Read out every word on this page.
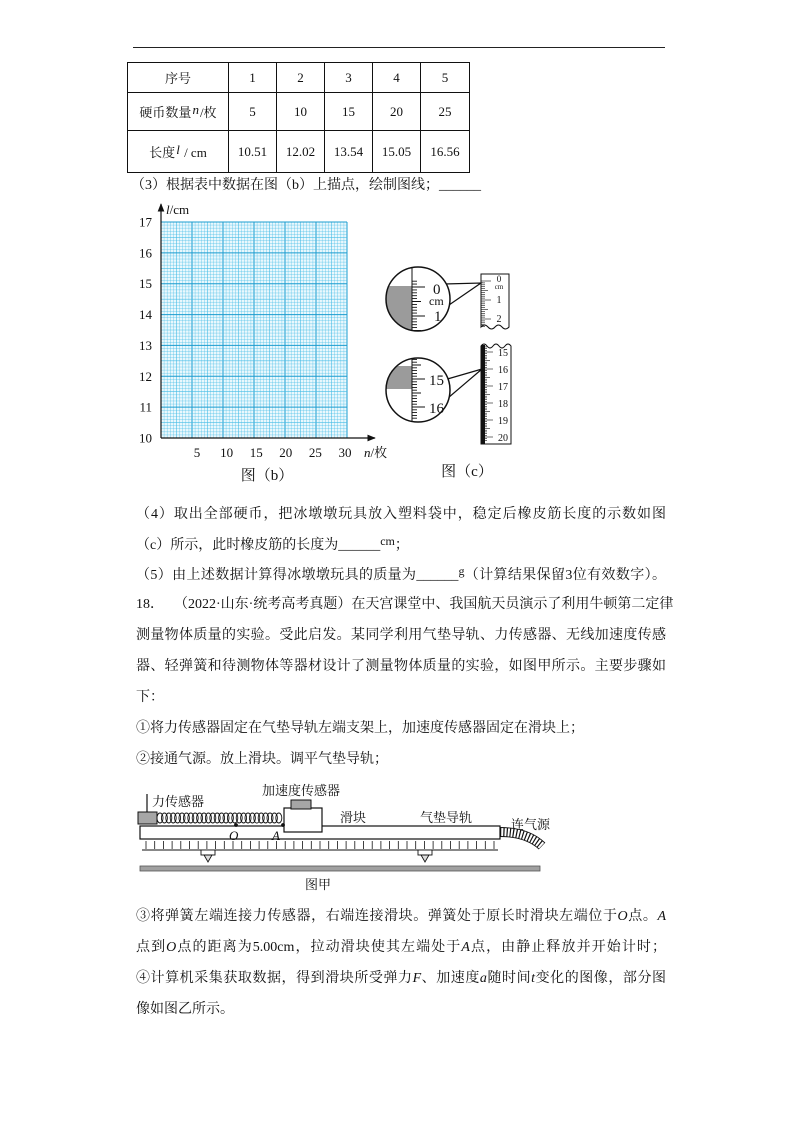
序号	1	2	3	4	5
硬币数量n/枚	5	10	15	20	25
长度l / cm	10.51	12.02	13.54	15.05	16.56
（3）根据表中数据在图（b）上描点，绘制图线；______
l/cm
10
11
12
13
14
15
16
17
5 10 15 20 25 30 n/枚
图（b）
0
cm
1
2
15
16
17
18
19
20
0
cm
1
15
16
图（c）
（4）取出全部硬币，把冰墩墩玩具放入塑料袋中，稳定后橡皮筋长度的示数如图
（c）所示，此时橡皮筋的长度为______cm；
（5）由上述数据计算得冰墩墩玩具的质量为______g（计算结果保留3位有效数字）。
18． （2022·山东·统考高考真题）在天宫课堂中、我国航天员演示了利用牛顿第二定律
测量物体质量的实验。受此启发。某同学利用气垫导轨、力传感器、无线加速度传感
器、轻弹簧和待测物体等器材设计了测量物体质量的实验，如图甲所示。主要步骤如
下：
①将力传感器固定在气垫导轨左端支架上，加速度传感器固定在滑块上；
②接通气源。放上滑块。调平气垫导轨；
力传感器
加速度传感器
滑块	气垫导轨	连气源
O	A
图甲
③将弹簧左端连接力传感器，右端连接滑块。弹簧处于原长时滑块左端位于O点。A
点到O点的距离为5.00cm，拉动滑块使其左端处于A点，由静止释放并开始计时；
④计算机采集获取数据，得到滑块所受弹力F、加速度a随时间t变化的图像，部分图
像如图乙所示。
